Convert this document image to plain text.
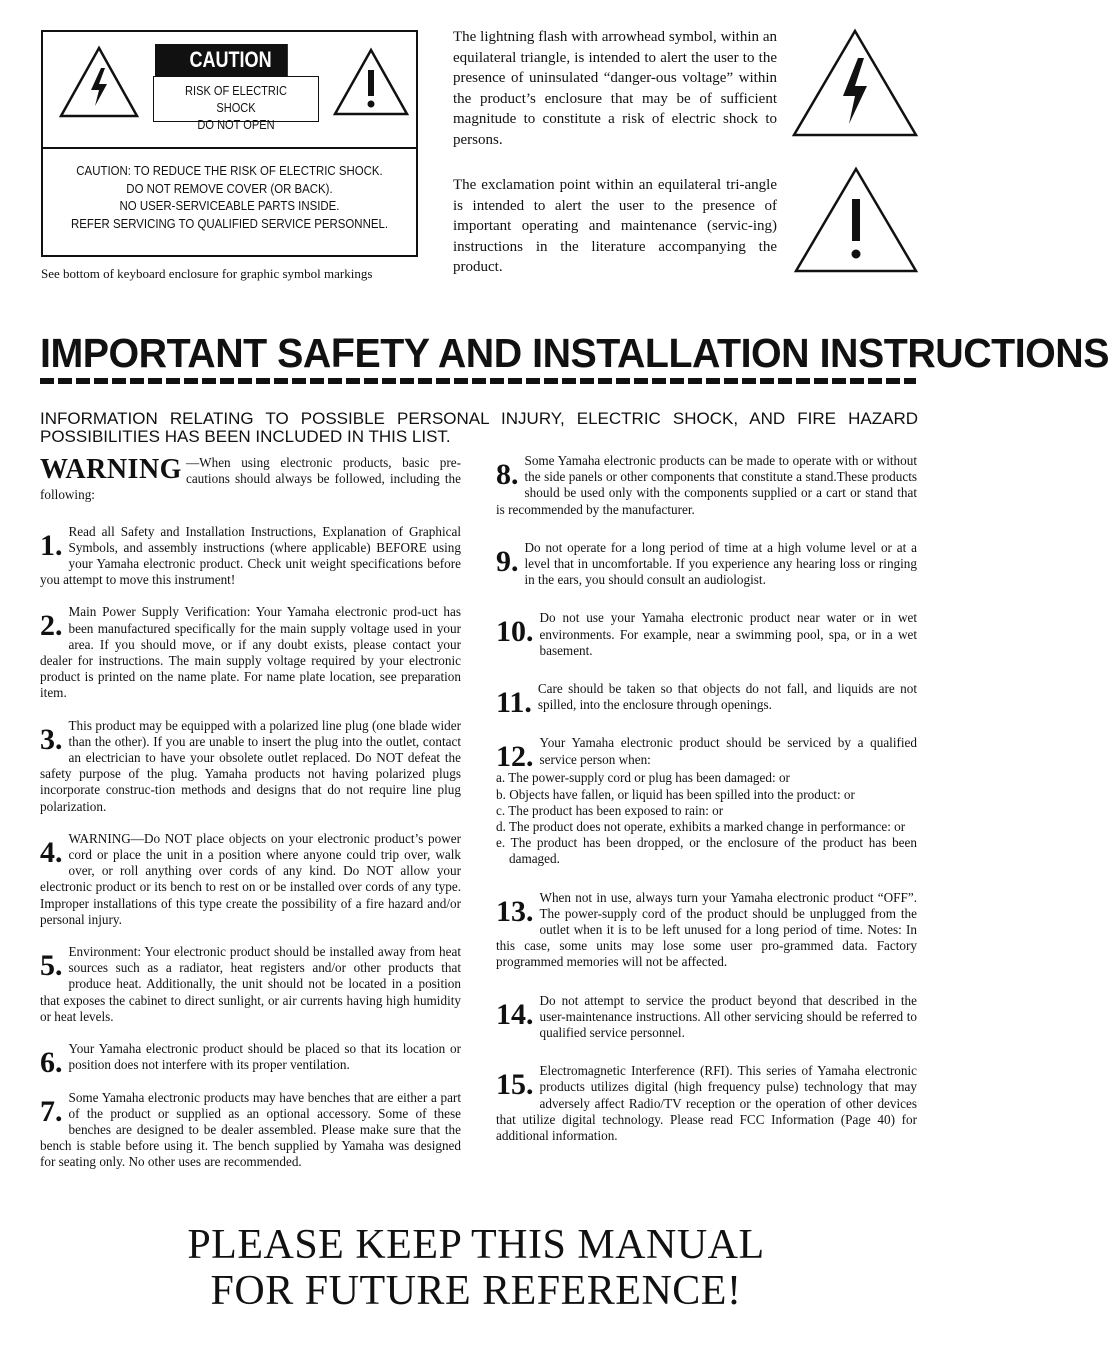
CAUTION
RISK OF ELECTRIC SHOCK
DO NOT OPEN
CAUTION: TO REDUCE THE RISK OF ELECTRIC SHOCK.
DO NOT REMOVE COVER (OR BACK).
NO USER-SERVICEABLE PARTS INSIDE.
REFER SERVICING TO QUALIFIED SERVICE PERSONNEL.
See bottom of keyboard enclosure for graphic symbol markings
The lightning flash with arrowhead symbol, within an equilateral triangle, is intended to alert the user to the presence of uninsulated “danger-ous voltage” within the product’s enclosure that may be of sufficient magnitude to constitute a risk of electric shock to persons.
The exclamation point within an equilateral tri-angle is intended to alert the user to the presence of important operating and maintenance (servic-ing) instructions in the literature accompanying the product.
IMPORTANT SAFETY AND INSTALLATION INSTRUCTIONS
INFORMATION RELATING TO POSSIBLE PERSONAL INJURY, ELECTRIC SHOCK, AND FIRE HAZARD POSSIBILITIES HAS BEEN INCLUDED IN THIS LIST.
WARNING —When using electronic products, basic pre-cautions should always be followed, including the following:
1. Read all Safety and Installation Instructions, Explanation of Graphical Symbols, and assembly instructions (where applicable) BEFORE using your Yamaha electronic product. Check unit weight specifications before you attempt to move this instrument!
2. Main Power Supply Verification: Your Yamaha electronic prod-uct has been manufactured specifically for the main supply voltage used in your area. If you should move, or if any doubt exists, please contact your dealer for instructions. The main supply voltage required by your electronic product is printed on the name plate. For name plate location, see preparation item.
3. This product may be equipped with a polarized line plug (one blade wider than the other). If you are unable to insert the plug into the outlet, contact an electrician to have your obsolete outlet replaced. Do NOT defeat the safety purpose of the plug. Yamaha products not having polarized plugs incorporate construc-tion methods and designs that do not require line plug polarization.
4. WARNING—Do NOT place objects on your electronic product’s power cord or place the unit in a position where anyone could trip over, walk over, or roll anything over cords of any kind. Do NOT allow your electronic product or its bench to rest on or be installed over cords of any type. Improper installations of this type create the possibility of a fire hazard and/or personal injury.
5. Environment: Your electronic product should be installed away from heat sources such as a radiator, heat registers and/or other products that produce heat. Additionally, the unit should not be located in a position that exposes the cabinet to direct sunlight, or air currents having high humidity or heat levels.
6. Your Yamaha electronic product should be placed so that its location or position does not interfere with its proper ventilation.
7. Some Yamaha electronic products may have benches that are either a part of the product or supplied as an optional accessory. Some of these benches are designed to be dealer assembled. Please make sure that the bench is stable before using it. The bench supplied by Yamaha was designed for seating only. No other uses are recommended.
8. Some Yamaha electronic products can be made to operate with or without the side panels or other components that constitute a stand.These products should be used only with the components supplied or a cart or stand that is recommended by the manufacturer.
9. Do not operate for a long period of time at a high volume level or at a level that in uncomfortable. If you experience any hearing loss or ringing in the ears, you should consult an audiologist.
10. Do not use your Yamaha electronic product near water or in wet environments. For example, near a swimming pool, spa, or in a wet basement.
11. Care should be taken so that objects do not fall, and liquids are not spilled, into the enclosure through openings.
12. Your Yamaha electronic product should be serviced by a qualified service person when:
a. The power-supply cord or plug has been damaged: or
b. Objects have fallen, or liquid has been spilled into the product: or
c. The product has been exposed to rain: or
d. The product does not operate, exhibits a marked change in performance: or
e. The product has been dropped, or the enclosure of the product has been damaged.
13. When not in use, always turn your Yamaha electronic product “OFF”. The power-supply cord of the product should be unplugged from the outlet when it is to be left unused for a long period of time. Notes: In this case, some units may lose some user pro-grammed data. Factory programmed memories will not be affected.
14. Do not attempt to service the product beyond that described in the user-maintenance instructions. All other servicing should be referred to qualified service personnel.
15. Electromagnetic Interference (RFI). This series of Yamaha electronic products utilizes digital (high frequency pulse) technology that may adversely affect Radio/TV reception or the operation of other devices that utilize digital technology. Please read FCC Information (Page 40) for additional information.
PLEASE KEEP THIS MANUAL
FOR FUTURE REFERENCE!
